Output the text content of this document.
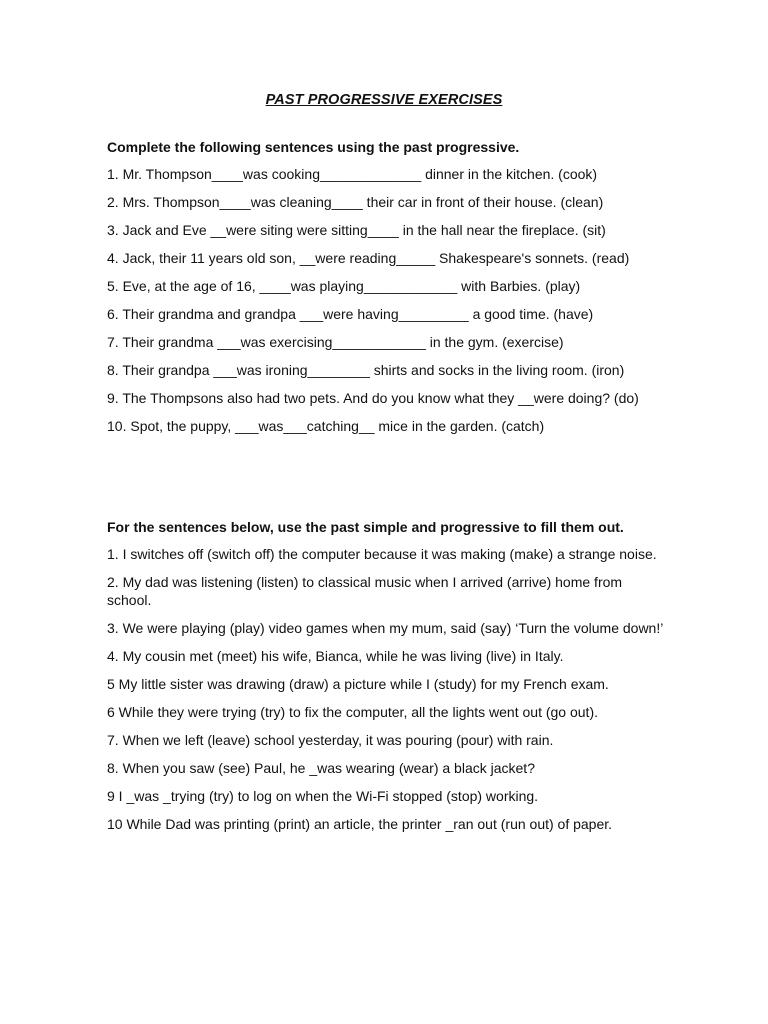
PAST PROGRESSIVE EXERCISES
Complete the following sentences using the past progressive.
1. Mr. Thompson____was cooking_____________ dinner in the kitchen. (cook)
2. Mrs. Thompson____was cleaning____ their car in front of their house. (clean)
3. Jack and Eve __were siting were sitting____ in the hall near the fireplace. (sit)
4. Jack, their 11 years old son, __were reading_____ Shakespeare's sonnets. (read)
5. Eve, at the age of 16, ____was playing____________ with Barbies. (play)
6. Their grandma and grandpa ___were having_________ a good time. (have)
7. Their grandma ___was exercising____________ in the gym. (exercise)
8. Their grandpa ___was ironing________ shirts and socks in the living room. (iron)
9. The Thompsons also had two pets. And do you know what they __were doing? (do)
10. Spot, the puppy, ___was___catching__ mice in the garden. (catch)
For the sentences below, use the past simple and progressive to fill them out.
1. I switches off (switch off) the computer because it was making (make) a strange noise.
2. My dad was listening (listen) to classical music when I arrived (arrive) home from school.
3. We were playing (play) video games when my mum, said (say) ‘Turn the volume down!’
4. My cousin met (meet) his wife, Bianca, while he was living (live) in Italy.
5 My little sister was drawing (draw) a picture while I (study) for my French exam.
6 While they were trying (try) to fix the computer, all the lights went out (go out).
7. When we left (leave) school yesterday, it was pouring (pour) with rain.
8. When you saw (see) Paul, he _was wearing (wear) a black jacket?
9 I _was _trying (try) to log on when the Wi-Fi stopped (stop) working.
10 While Dad was printing (print) an article, the printer _ran out (run out) of paper.
